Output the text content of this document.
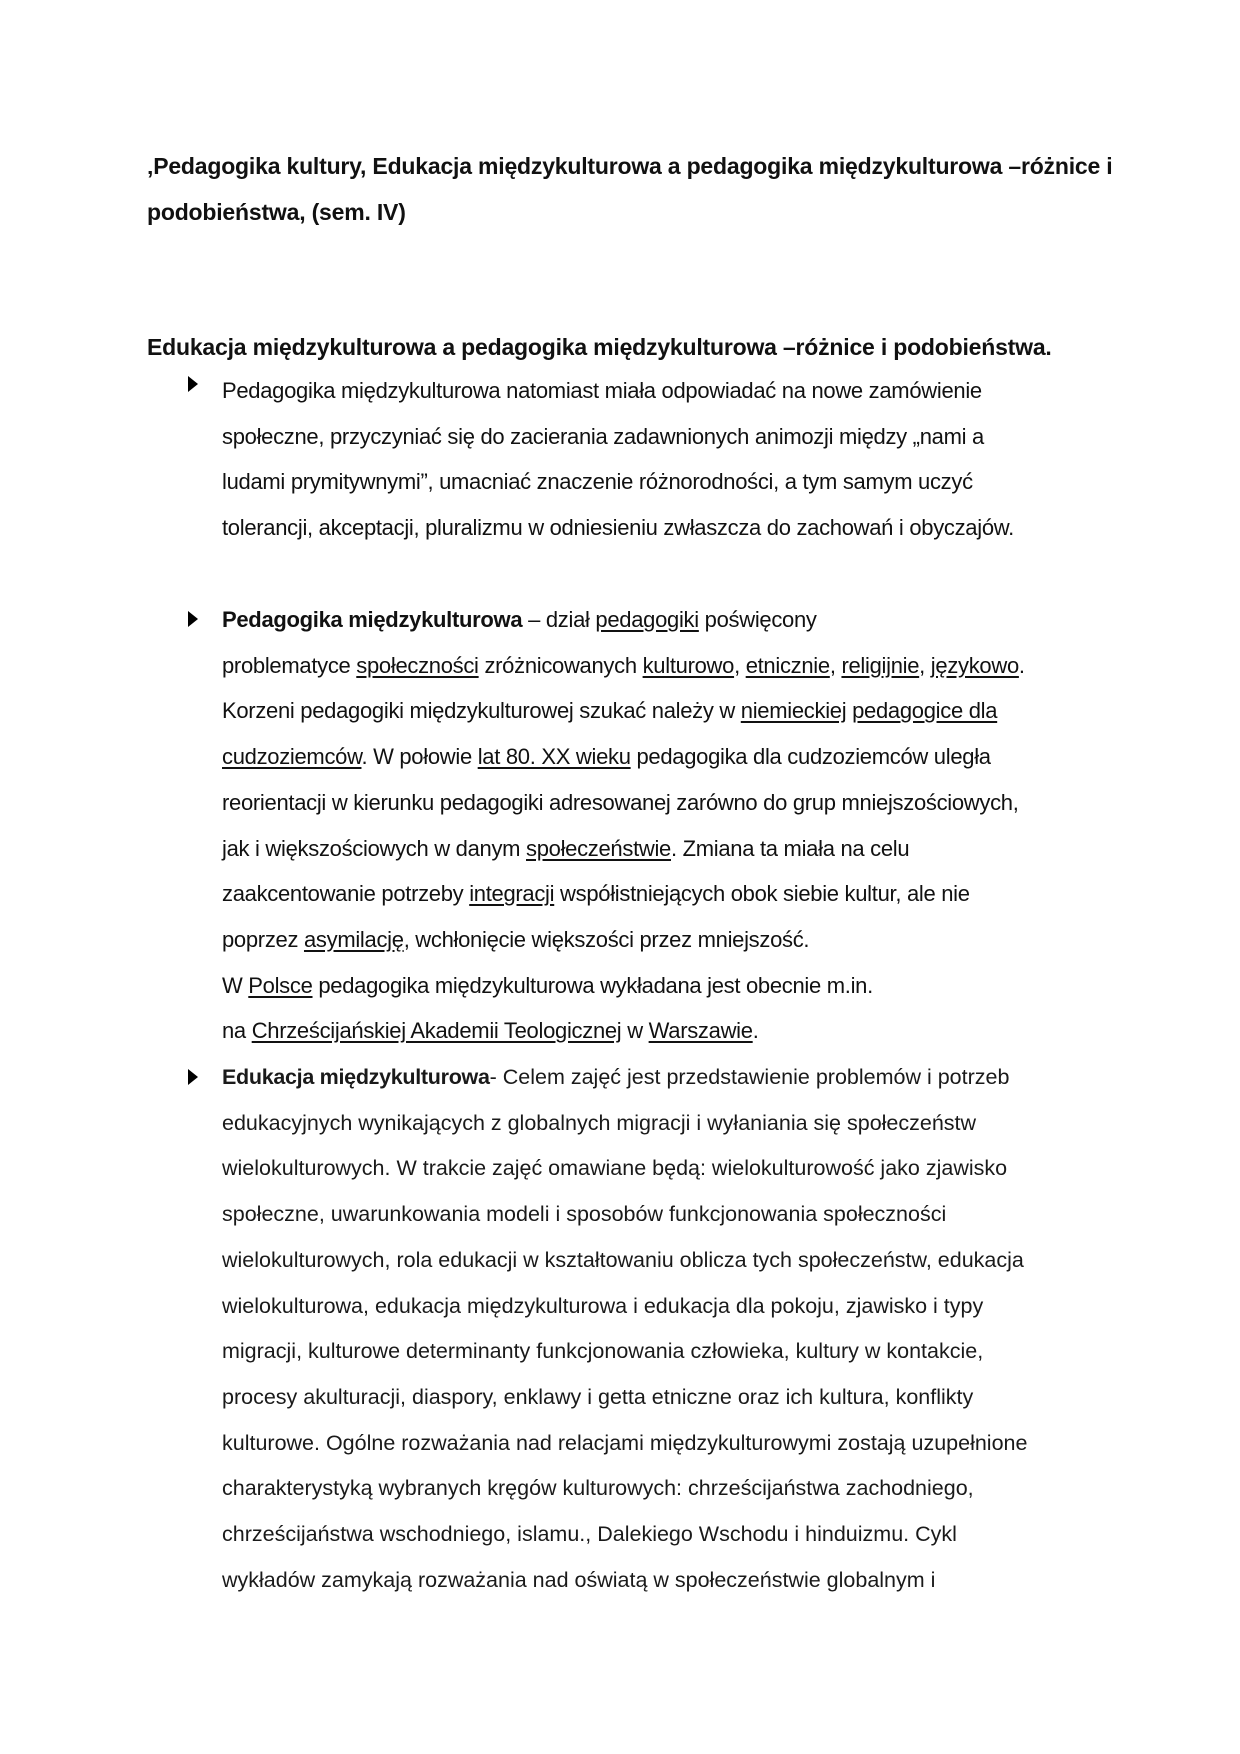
‚Pedagogika kultury, Edukacja międzykulturowa a pedagogika międzykulturowa –różnice i
podobieństwa, (sem. IV)
Edukacja międzykulturowa a pedagogika międzykulturowa –różnice i podobieństwa.
Pedagogika międzykulturowa natomiast miała odpowiadać na nowe zamówienie
społeczne, przyczyniać się do zacierania zadawnionych animozji między „nami a
ludami prymitywnymi”, umacniać znaczenie różnorodności, a tym samym uczyć
tolerancji, akceptacji, pluralizmu w odniesieniu zwłaszcza do zachowań i obyczajów.
Pedagogika międzykulturowa – dział pedagogiki poświęcony
problematyce społeczności zróżnicowanych kulturowo, etnicznie, religijnie, językowo.
Korzeni pedagogiki międzykulturowej szukać należy w niemieckiej pedagogice dla
cudzoziemców. W połowie lat 80. XX wieku pedagogika dla cudzoziemców uległa
reorientacji w kierunku pedagogiki adresowanej zarówno do grup mniejszościowych,
jak i większościowych w danym społeczeństwie. Zmiana ta miała na celu
zaakcentowanie potrzeby integracji współistniejących obok siebie kultur, ale nie
poprzez asymilację, wchłonięcie większości przez mniejszość.
W Polsce pedagogika międzykulturowa wykładana jest obecnie m.in.
na Chrześcijańskiej Akademii Teologicznej w Warszawie.
Edukacja międzykulturowa- Celem zajęć jest przedstawienie problemów i potrzeb
edukacyjnych wynikających z globalnych migracji i wyłaniania się społeczeństw
wielokulturowych. W trakcie zajęć omawiane będą: wielokulturowość jako zjawisko
społeczne, uwarunkowania modeli i sposobów funkcjonowania społeczności
wielokulturowych, rola edukacji w kształtowaniu oblicza tych społeczeństw, edukacja
wielokulturowa, edukacja międzykulturowa i edukacja dla pokoju, zjawisko i typy
migracji, kulturowe determinanty funkcjonowania człowieka, kultury w kontakcie,
procesy akulturacji, diaspory, enklawy i getta etniczne oraz ich kultura, konflikty
kulturowe. Ogólne rozważania nad relacjami międzykulturowymi zostają uzupełnione
charakterystyką wybranych kręgów kulturowych: chrześcijaństwa zachodniego,
chrześcijaństwa wschodniego, islamu., Dalekiego Wschodu i hinduizmu. Cykl
wykładów zamykają rozważania nad oświatą w społeczeństwie globalnym i
